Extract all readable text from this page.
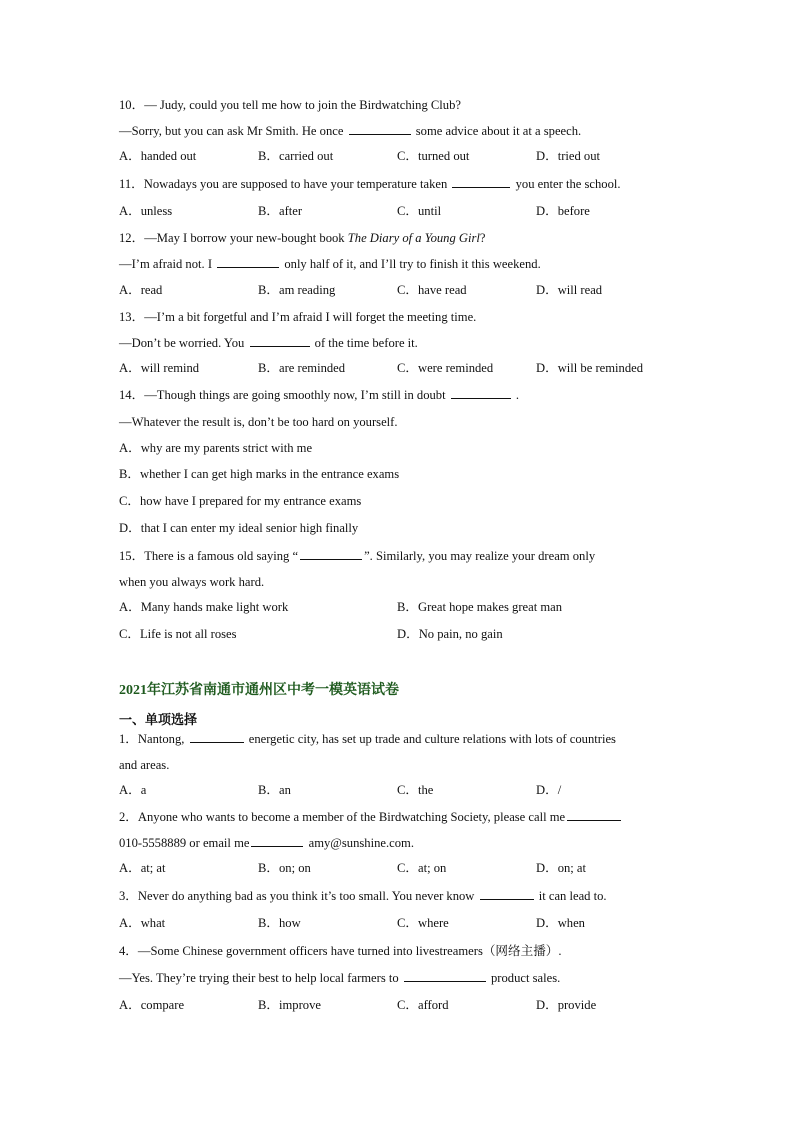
10．— Judy, could you tell me how to join the Birdwatching Club?
—Sorry, but you can ask Mr Smith. He once	some advice about it at a speech.
A．handed out	B．carried out	C．turned out	D．tried out
11．Nowadays you are supposed to have your temperature taken	you enter the school.
A．unless	B．after	C．until	D．before
12．—May I borrow your new-bought book The Diary of a Young Girl?
—I’m afraid not. I	only half of it, and I’ll try to finish it this weekend.
A．read	B．am reading	C．have read	D．will read
13．—I’m a bit forgetful and I’m afraid I will forget the meeting time.
—Don’t be worried. You	of the time before it.
A．will remind	B．are reminded	C．were reminded	D．will be reminded
14．—Though things are going smoothly now, I’m still in doubt	.
—Whatever the result is, don’t be too hard on yourself.
A．why are my parents strict with me
B．whether I can get high marks in the entrance exams
C．how have I prepared for my entrance exams
D．that I can enter my ideal senior high finally
15．There is a famous old saying “	”. Similarly, you may realize your dream only
when you always work hard.
A．Many hands make light work	B．Great hope makes great man
C．Life is not all roses	D．No pain, no gain
2021年江苏省南通市通州区中考一模英语试卷
一、单项选择
1．Nantong,	energetic city, has set up trade and culture relations with lots of countries
and areas.
A．a	B．an	C．the	D．/
2．Anyone who wants to become a member of the Birdwatching Society, please call me
010-5558889 or email me	amy@sunshine.com.
A．at; at	B．on; on	C．at; on	D．on; at
3．Never do anything bad as you think it’s too small. You never know	it can lead to.
A．what	B．how	C．where	D．when
4．—Some Chinese government officers have turned into livestreamers（网络主播）.
—Yes. They’re trying their best to help local farmers to	product sales.
A．compare	B．improve	C．afford	D．provide
